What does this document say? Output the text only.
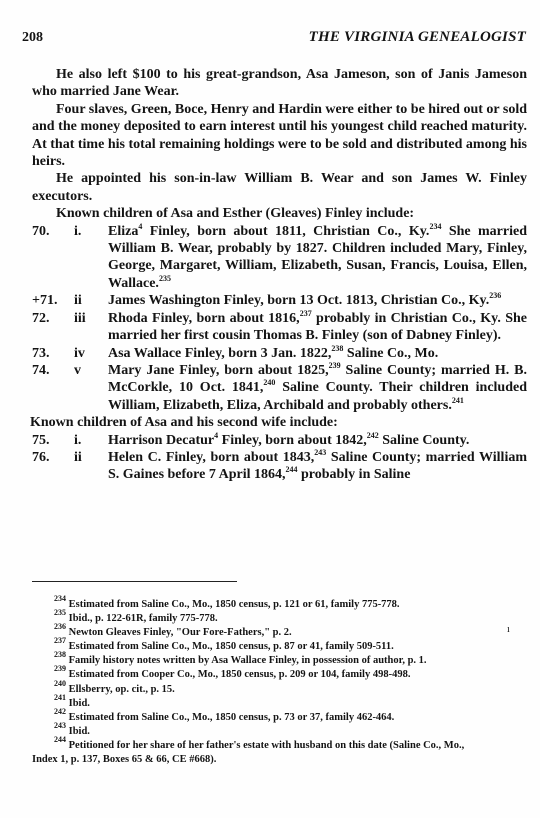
208	THE VIRGINIA GENEALOGIST

He also left $100 to his great-grandson, Asa Jameson, son of Janis Jameson who married Jane Wear.

Four slaves, Green, Boce, Henry and Hardin were either to be hired out or sold and the money deposited to earn interest until his youngest child reached maturity. At that time his total remaining holdings were to be sold and distributed among his heirs.

He appointed his son-in-law William B. Wear and son James W. Finley executors.

Known children of Asa and Esther (Gleaves) Finley include:

70.	i.	Eliza$^4$ Finley, born about 1811, Christian Co., Ky.$^{234}$ She married William B. Wear, probably by 1827. Children included Mary, Finley, George, Margaret, William, Elizabeth, Susan, Francis, Louisa, Ellen, Wallace.$^{235}$
+71.	ii	James Washington Finley, born 13 Oct. 1813, Christian Co., Ky.$^{236}$
72.	iii	Rhoda Finley, born about 1816,$^{237}$ probably in Christian Co., Ky. She married her first cousin Thomas B. Finley (son of Dabney Finley).
73.	iv	Asa Wallace Finley, born 3 Jan. 1822,$^{238}$ Saline Co., Mo.
74.	v	Mary Jane Finley, born about 1825,$^{239}$ Saline County; married H. B. McCorkle, 10 Oct. 1841,$^{240}$ Saline County. Their children included William, Elizabeth, Eliza, Archibald and probably others.$^{241}$

Known children of Asa and his second wife include:

75.	i.	Harrison Decatur$^4$ Finley, born about 1842,$^{242}$ Saline County.
76.	ii	Helen C. Finley, born about 1843,$^{243}$ Saline County; married William S. Gaines before 7 April 1864,$^{244}$ probably in Saline
ı
$^{234}$ Estimated from Saline Co., Mo., 1850 census, p. 121 or 61, family 775-778.
$^{235}$ Ibid., p. 122-61R, family 775-778.
$^{236}$ Newton Gleaves Finley, "Our Fore-Fathers," p. 2.
$^{237}$ Estimated from Saline Co., Mo., 1850 census, p. 87 or 41, family 509-511.
$^{238}$ Family history notes written by Asa Wallace Finley, in possession of author, p. 1.
$^{239}$ Estimated from Cooper Co., Mo., 1850 census, p. 209 or 104, family 498-498.
$^{240}$ Ellsberry, op. cit., p. 15.
$^{241}$ Ibid.
$^{242}$ Estimated from Saline Co., Mo., 1850 census, p. 73 or 37, family 462-464.
$^{243}$ Ibid.
$^{244}$ Petitioned for her share of her father's estate with husband on this date (Saline Co., Mo.,
Index 1, p. 137, Boxes 65 & 66, CE #668).
